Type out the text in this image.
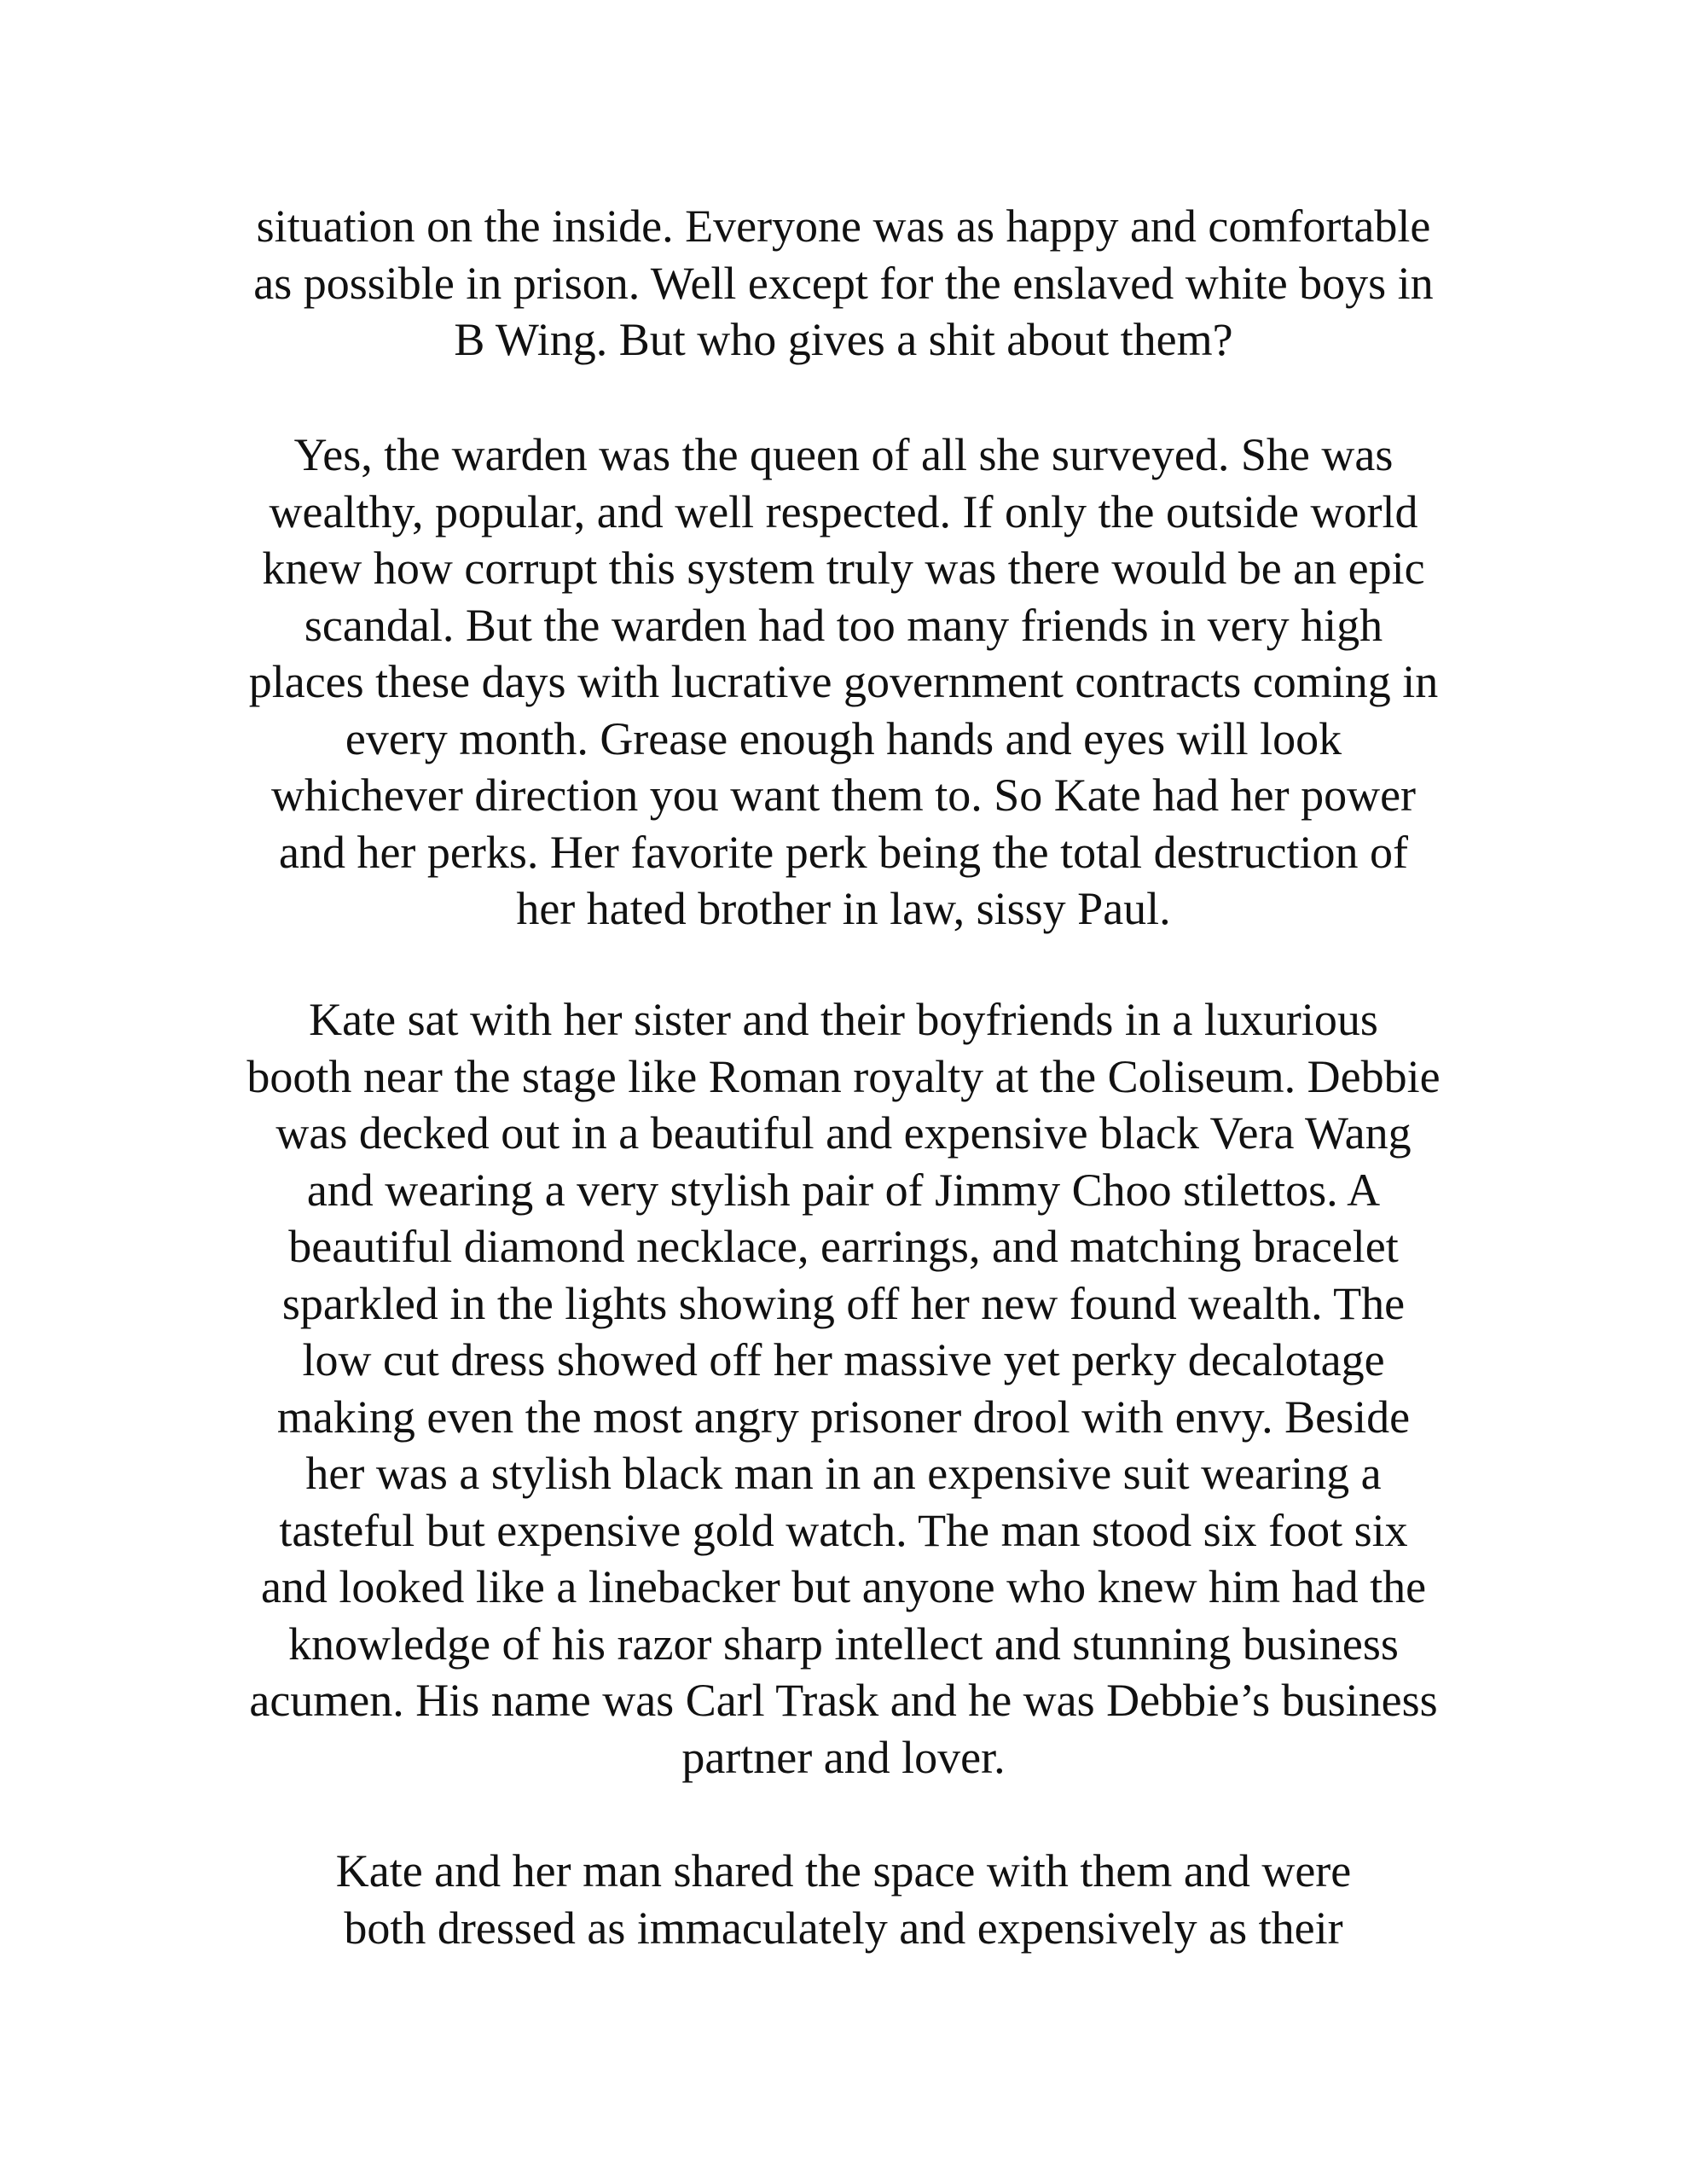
situation on the inside. Everyone was as happy and comfortable
as possible in prison. Well except for the enslaved white boys in
B Wing. But who gives a shit about them?
Yes, the warden was the queen of all she surveyed. She was
wealthy, popular, and well respected. If only the outside world
knew how corrupt this system truly was there would be an epic
scandal. But the warden had too many friends in very high
places these days with lucrative government contracts coming in
every month. Grease enough hands and eyes will look
whichever direction you want them to. So Kate had her power
and her perks. Her favorite perk being the total destruction of
her hated brother in law, sissy Paul.
Kate sat with her sister and their boyfriends in a luxurious
booth near the stage like Roman royalty at the Coliseum. Debbie
was decked out in a beautiful and expensive black Vera Wang
and wearing a very stylish pair of Jimmy Choo stilettos. A
beautiful diamond necklace, earrings, and matching bracelet
sparkled in the lights showing off her new found wealth. The
low cut dress showed off her massive yet perky decalotage
making even the most angry prisoner drool with envy. Beside
her was a stylish black man in an expensive suit wearing a
tasteful but expensive gold watch. The man stood six foot six
and looked like a linebacker but anyone who knew him had the
knowledge of his razor sharp intellect and stunning business
acumen. His name was Carl Trask and he was Debbie’s business
partner and lover.
Kate and her man shared the space with them and were
both dressed as immaculately and expensively as their
